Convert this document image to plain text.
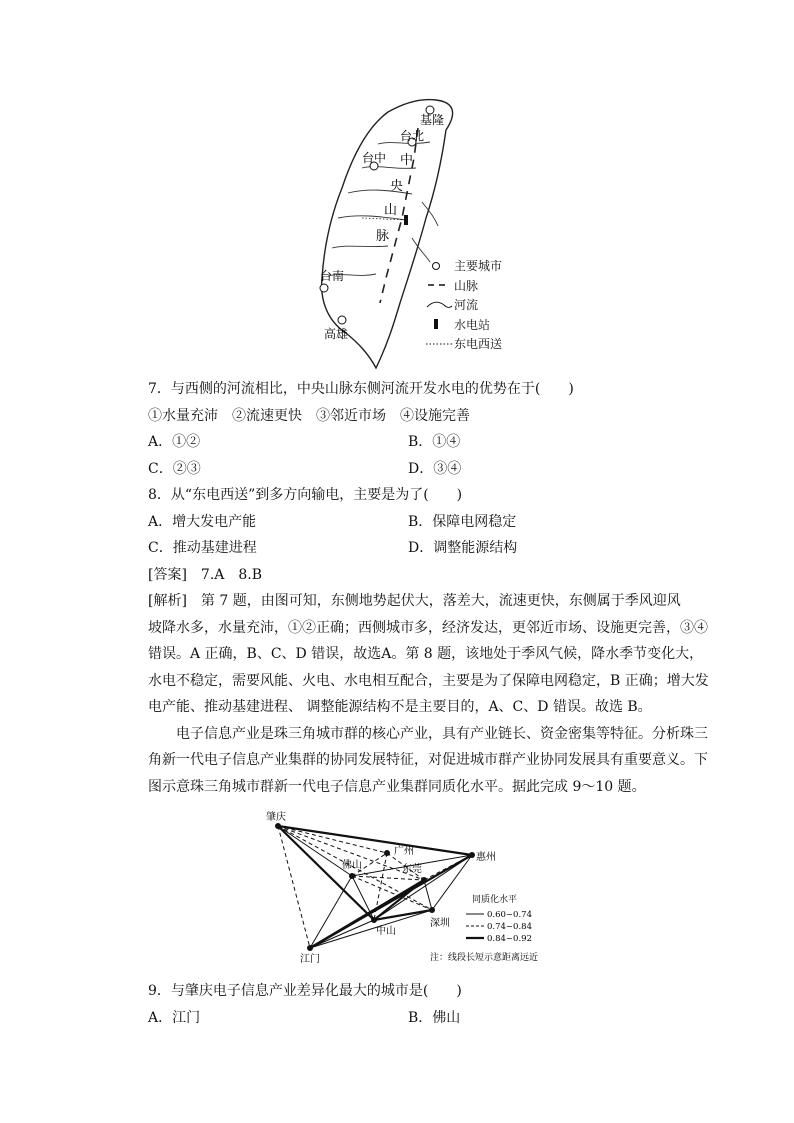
基隆
台北
台中
台南
高雄
中
央
山
脉
主要城市
山脉
河流
水电站
东电西送
7．与西侧的河流相比，中央山脉东侧河流开发水电的优势在于(　　)
①水量充沛　②流速更快　③邻近市场　④设施完善
A．①②	B．①④
C．②③	D．③④
8．从“东电西送”到多方向输电，主要是为了(　　)
A．增大发电产能	B．保障电网稳定
C．推动基建进程	D．调整能源结构
[答案]　7.A　8.B
[解析]　第 7 题，由图可知，东侧地势起伏大，落差大，流速更快，东侧属于季风迎风
坡降水多，水量充沛，①②正确；西侧城市多，经济发达，更邻近市场、设施更完善，③④
错误。A 正确，B、C、D 错误，故选A。第 8 题，该地处于季风气候，降水季节变化大，
水电不稳定，需要风能、火电、水电相互配合，主要是为了保障电网稳定，B 正确；增大发
电产能、推动基建进程、 调整能源结构不是主要目的，A、C、D 错误。故选 B。
　　电子信息产业是珠三角城市群的核心产业，具有产业链长、资金密集等特征。分析珠三
角新一代电子信息产业集群的协同发展特征，对促进城市群产业协同发展具有重要意义。下
图示意珠三角城市群新一代电子信息产业集群同质化水平。据此完成 9～10 题。
肇庆
广州
佛山	东莞
惠州
深圳
中山
江门
同质化水平
0.60~0.74
0.74~0.84
0.84~0.92
注：线段长短示意距离远近
9．与肇庆电子信息产业差异化最大的城市是(　　)
A．江门	B．佛山
